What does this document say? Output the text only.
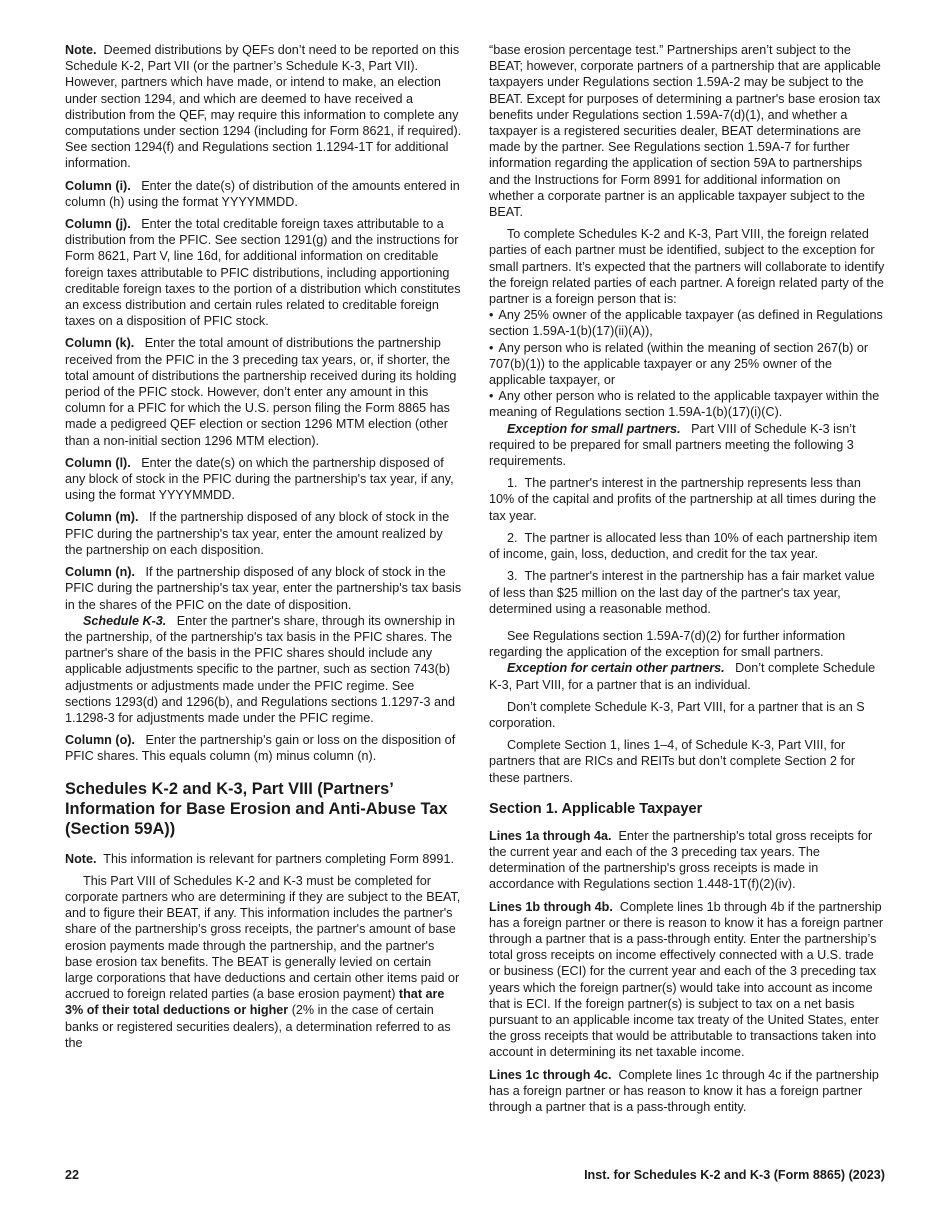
Note. Deemed distributions by QEFs don’t need to be reported on this Schedule K-2, Part VII (or the partner’s Schedule K-3, Part VII). However, partners which have made, or intend to make, an election under section 1294, and which are deemed to have received a distribution from the QEF, may require this information to complete any computations under section 1294 (including for Form 8621, if required). See section 1294(f) and Regulations section 1.1294-1T for additional information.

Column (i). Enter the date(s) of distribution of the amounts entered in column (h) using the format YYYYMMDD.

Column (j). Enter the total creditable foreign taxes attributable to a distribution from the PFIC. See section 1291(g) and the instructions for Form 8621, Part V, line 16d, for additional information on creditable foreign taxes attributable to PFIC distributions, including apportioning creditable foreign taxes to the portion of a distribution which constitutes an excess distribution and certain rules related to creditable foreign taxes on a disposition of PFIC stock.

Column (k). Enter the total amount of distributions the partnership received from the PFIC in the 3 preceding tax years, or, if shorter, the total amount of distributions the partnership received during its holding period of the PFIC stock. However, don’t enter any amount in this column for a PFIC for which the U.S. person filing the Form 8865 has made a pedigreed QEF election or section 1296 MTM election (other than a non-initial section 1296 MTM election).

Column (l). Enter the date(s) on which the partnership disposed of any block of stock in the PFIC during the partnership's tax year, if any, using the format YYYYMMDD.

Column (m). If the partnership disposed of any block of stock in the PFIC during the partnership's tax year, enter the amount realized by the partnership on each disposition.

Column (n). If the partnership disposed of any block of stock in the PFIC during the partnership's tax year, enter the partnership's tax basis in the shares of the PFIC on the date of disposition.

Schedule K-3. Enter the partner's share, through its ownership in the partnership, of the partnership's tax basis in the PFIC shares. The partner's share of the basis in the PFIC shares should include any applicable adjustments specific to the partner, such as section 743(b) adjustments or adjustments made under the PFIC regime. See sections 1293(d) and 1296(b), and Regulations sections 1.1297-3 and 1.1298-3 for adjustments made under the PFIC regime.

Column (o). Enter the partnership's gain or loss on the disposition of PFIC shares. This equals column (m) minus column (n).

Schedules K-2 and K-3, Part VIII (Partners’ Information for Base Erosion and Anti-Abuse Tax (Section 59A))

Note. This information is relevant for partners completing Form 8991.

This Part VIII of Schedules K-2 and K-3 must be completed for corporate partners who are determining if they are subject to the BEAT, and to figure their BEAT, if any. This information includes the partner's share of the partnership’s gross receipts, the partner's amount of base erosion payments made through the partnership, and the partner's base erosion tax benefits. The BEAT is generally levied on certain large corporations that have deductions and certain other items paid or accrued to foreign related parties (a base erosion payment) that are 3% of their total deductions or higher (2% in the case of certain banks or registered securities dealers), a determination referred to as the

“base erosion percentage test.” Partnerships aren’t subject to the BEAT; however, corporate partners of a partnership that are applicable taxpayers under Regulations section 1.59A-2 may be subject to the BEAT. Except for purposes of determining a partner's base erosion tax benefits under Regulations section 1.59A-7(d)(1), and whether a taxpayer is a registered securities dealer, BEAT determinations are made by the partner. See Regulations section 1.59A-7 for further information regarding the application of section 59A to partnerships and the Instructions for Form 8991 for additional information on whether a corporate partner is an applicable taxpayer subject to the BEAT.

To complete Schedules K-2 and K-3, Part VIII, the foreign related parties of each partner must be identified, subject to the exception for small partners. It’s expected that the partners will collaborate to identify the foreign related parties of each partner. A foreign related party of the partner is a foreign person that is:

• Any 25% owner of the applicable taxpayer (as defined in Regulations section 1.59A-1(b)(17)(ii)(A)),
• Any person who is related (within the meaning of section 267(b) or 707(b)(1)) to the applicable taxpayer or any 25% owner of the applicable taxpayer, or
• Any other person who is related to the applicable taxpayer within the meaning of Regulations section 1.59A-1(b)(17)(i)(C).

Exception for small partners. Part VIII of Schedule K-3 isn’t required to be prepared for small partners meeting the following 3 requirements.

1.  The partner's interest in the partnership represents less than 10% of the capital and profits of the partnership at all times during the tax year.

2.  The partner is allocated less than 10% of each partnership item of income, gain, loss, deduction, and credit for the tax year.

3.  The partner's interest in the partnership has a fair market value of less than $25 million on the last day of the partner's tax year, determined using a reasonable method.

See Regulations section 1.59A-7(d)(2) for further information regarding the application of the exception for small partners.

Exception for certain other partners. Don’t complete Schedule K-3, Part VIII, for a partner that is an individual.

Don’t complete Schedule K-3, Part VIII, for a partner that is an S corporation.

Complete Section 1, lines 1–4, of Schedule K-3, Part VIII, for partners that are RICs and REITs but don’t complete Section 2 for these partners.

Section 1. Applicable Taxpayer

Lines 1a through 4a. Enter the partnership's total gross receipts for the current year and each of the 3 preceding tax years. The determination of the partnership's gross receipts is made in accordance with Regulations section 1.448-1T(f)(2)(iv).

Lines 1b through 4b. Complete lines 1b through 4b if the partnership has a foreign partner or there is reason to know it has a foreign partner through a partner that is a pass-through entity. Enter the partnership’s total gross receipts on income effectively connected with a U.S. trade or business (ECI) for the current year and each of the 3 preceding tax years which the foreign partner(s) would take into account as income that is ECI. If the foreign partner(s) is subject to tax on a net basis pursuant to an applicable income tax treaty of the United States, enter the gross receipts that would be attributable to transactions taken into account in determining its net taxable income.

Lines 1c through 4c. Complete lines 1c through 4c if the partnership has a foreign partner or has reason to know it has a foreign partner through a partner that is a pass-through entity.

22	Inst. for Schedules K-2 and K-3 (Form 8865) (2023)
